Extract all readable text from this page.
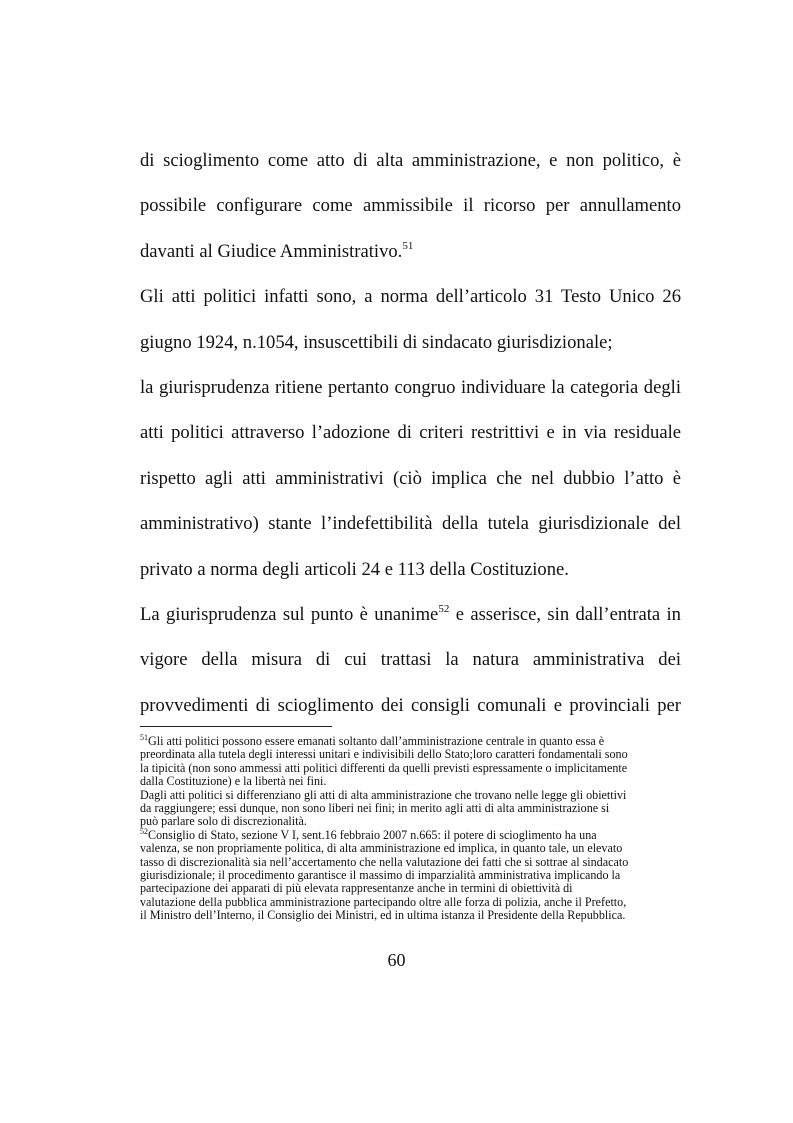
di scioglimento come atto di alta amministrazione, e non politico, è
possibile configurare come ammissibile il ricorso per annullamento
davanti al Giudice Amministrativo.$^{51}$
Gli atti politici infatti sono, a norma dell’articolo 31 Testo Unico 26
giugno 1924, n.1054, insuscettibili di sindacato giurisdizionale;
la giurisprudenza ritiene pertanto congruo individuare la categoria degli
atti politici attraverso l’adozione di criteri restrittivi e in via residuale
rispetto agli atti amministrativi (ciò implica che nel dubbio l’atto è
amministrativo) stante l’indefettibilità della tutela giurisdizionale del
privato a norma degli articoli 24 e 113 della Costituzione.
La giurisprudenza sul punto è unanime$^{52}$ e asserisce, sin dall’entrata in
vigore della misura di cui trattasi la natura amministrativa dei
provvedimenti di scioglimento dei consigli comunali e provinciali per
$^{51}$Gli atti politici possono essere emanati soltanto dall’amministrazione centrale in quanto essa è
preordinata alla tutela degli interessi unitari e indivisibili dello Stato;loro caratteri fondamentali sono
la tipicità (non sono ammessi atti politici differenti da quelli previsti espressamente o implicitamente
dalla Costituzione) e la libertà nei fini.
Dagli atti politici si differenziano gli atti di alta amministrazione che trovano nelle legge gli obiettivi
da raggiungere; essi dunque, non sono liberi nei fini; in merito agli atti di alta amministrazione si
può parlare solo di discrezionalità.
$^{52}$Consiglio di Stato, sezione V I, sent.16 febbraio 2007 n.665: il potere di scioglimento ha una
valenza, se non propriamente politica, di alta amministrazione ed implica, in quanto tale, un elevato
tasso di discrezionalità sia nell’accertamento che nella valutazione dei fatti che si sottrae al sindacato
giurisdizionale; il procedimento garantisce il massimo di imparzialità amministrativa implicando la
partecipazione dei apparati di più elevata rappresentanze anche in termini di obiettività di
valutazione della pubblica amministrazione partecipando oltre alle forza di polizia, anche il Prefetto,
il Ministro dell’Interno, il Consiglio dei Ministri, ed in ultima istanza il Presidente della Repubblica.
60
